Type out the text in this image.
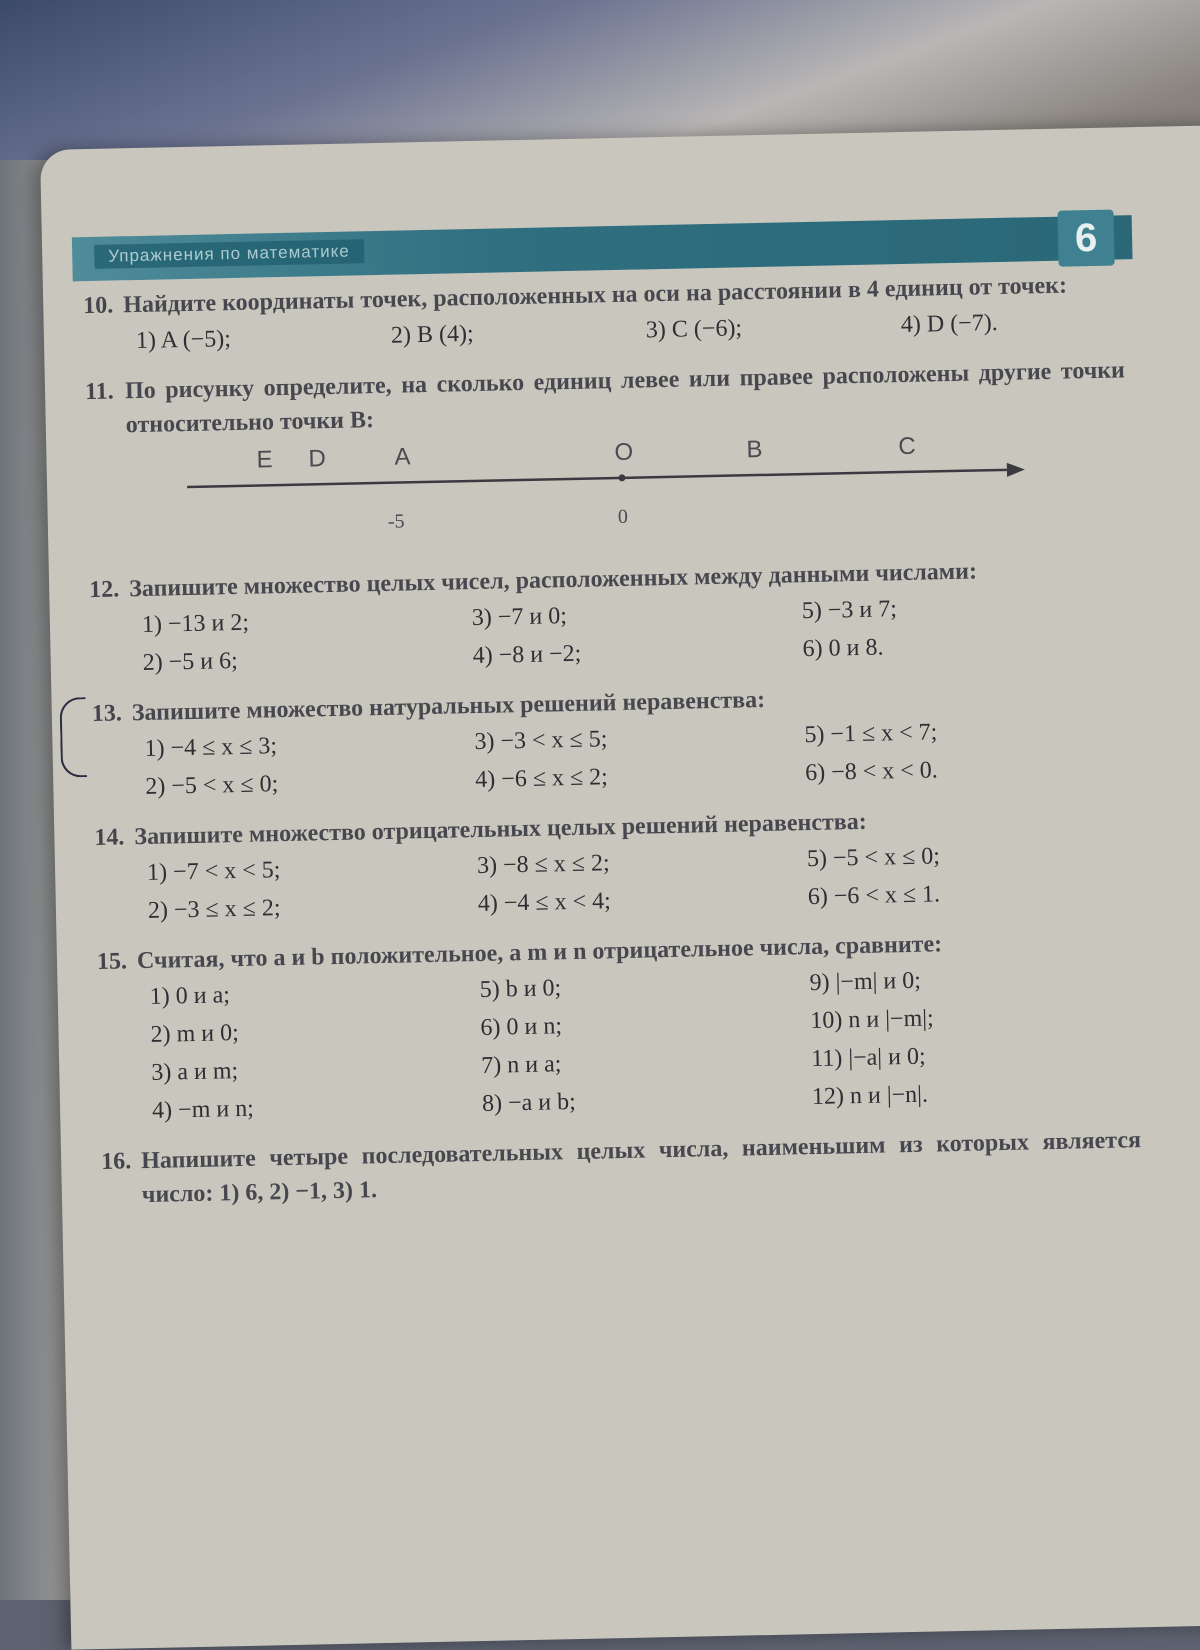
Упражнения по математике	6
10. Найдите координаты точек, расположенных на оси на расстоянии в 4 единиц от точек:
1) A (−5);	2) B (4);	3) C (−6);	4) D (−7).
11. По рисунку определите, на сколько единиц левее или правее расположены другие точки относительно точки B:
E D	A	O	B	C
-5	0
12. Запишите множество целых чисел, расположенных между данными числами:
1) −13 и 2;	3) −7 и 0;	5) −3 и 7;
2) −5 и 6;	4) −8 и −2;	6) 0 и 8.
13. Запишите множество натуральных решений неравенства:
1) −4 ≤ x ≤ 3;	3) −3 < x ≤ 5;	5) −1 ≤ x < 7;
2) −5 < x ≤ 0;	4) −6 ≤ x ≤ 2;	6) −8 < x < 0.
14. Запишите множество отрицательных целых решений неравенства:
1) −7 < x < 5;	3) −8 ≤ x ≤ 2;	5) −5 < x ≤ 0;
2) −3 ≤ x ≤ 2;	4) −4 ≤ x < 4;	6) −6 < x ≤ 1.
15. Считая, что a и b положительное, а m и n отрицательное числа, сравните:
1) 0 и a;	5) b и 0;	9) |−m| и 0;
2) m и 0;	6) 0 и n;	10) n и |−m|;
3) a и m;	7) n и a;	11) |−a| и 0;
4) −m и n;	8) −a и b;	12) n и |−n|.
16. Напишите четыре последовательных целых числа, наименьшим из которых является число: 1) 6, 2) −1, 3) 1.
